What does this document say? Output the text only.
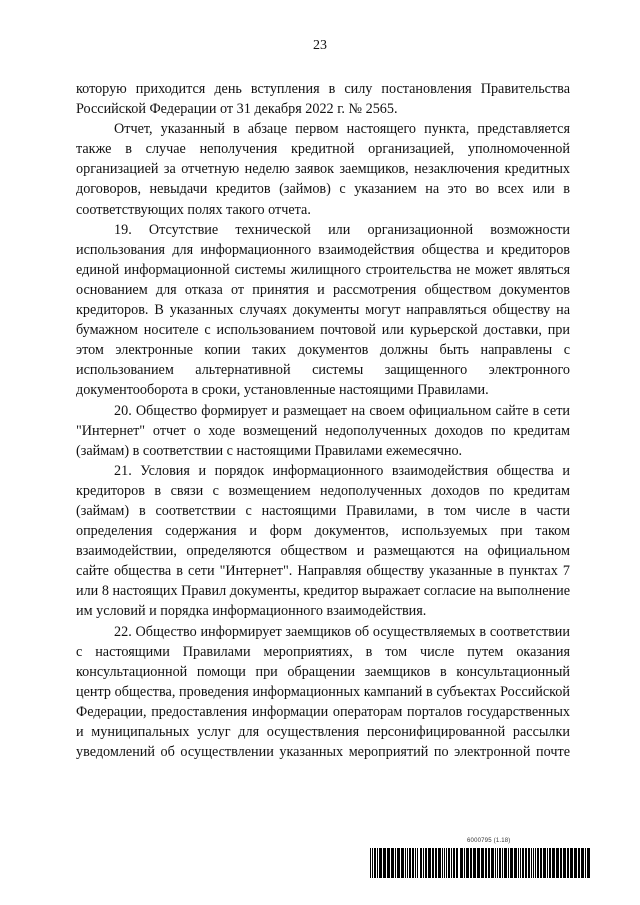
23

которую приходится день вступления в силу постановления Правительства Российской Федерации от 31 декабря 2022 г. № 2565.

Отчет, указанный в абзаце первом настоящего пункта, представляется также в случае неполучения кредитной организацией, уполномоченной организацией за отчетную неделю заявок заемщиков, незаключения кредитных договоров, невыдачи кредитов (займов) с указанием на это во всех или в соответствующих полях такого отчета.

19. Отсутствие технической или организационной возможности использования для информационного взаимодействия общества и кредиторов единой информационной системы жилищного строительства не может являться основанием для отказа от принятия и рассмотрения обществом документов кредиторов. В указанных случаях документы могут направляться обществу на бумажном носителе с использованием почтовой или курьерской доставки, при этом электронные копии таких документов должны быть направлены с использованием альтернативной системы защищенного электронного документооборота в сроки, установленные настоящими Правилами.

20. Общество формирует и размещает на своем официальном сайте в сети "Интернет" отчет о ходе возмещений недополученных доходов по кредитам (займам) в соответствии с настоящими Правилами ежемесячно.

21. Условия и порядок информационного взаимодействия общества и кредиторов в связи с возмещением недополученных доходов по кредитам (займам) в соответствии с настоящими Правилами, в том числе в части определения содержания и форм документов, используемых при таком взаимодействии, определяются обществом и размещаются на официальном сайте общества в сети "Интернет". Направляя обществу указанные в пунктах 7 или 8 настоящих Правил документы, кредитор выражает согласие на выполнение им условий и порядка информационного взаимодействия.

22. Общество информирует заемщиков об осуществляемых в соответствии с настоящими Правилами мероприятиях, в том числе путем оказания консультационной помощи при обращении заемщиков в консультационный центр общества, проведения информационных кампаний в субъектах Российской Федерации, предоставления информации операторам порталов государственных и муниципальных услуг для осуществления персонифицированной рассылки уведомлений об осуществлении указанных мероприятий по электронной почте

6000795 (1.18)
